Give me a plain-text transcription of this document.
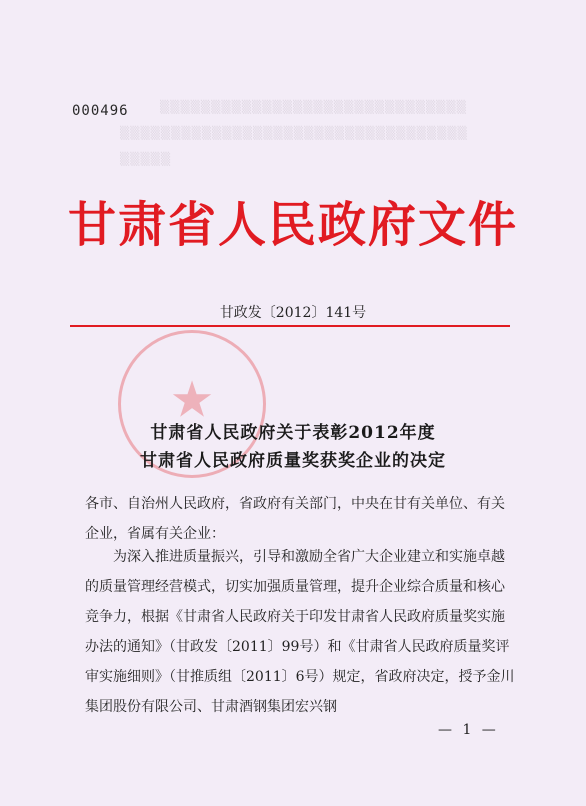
▒▒▒▒▒▒▒▒▒▒▒▒▒▒▒▒▒▒▒▒▒▒▒▒▒▒▒▒▒▒
▒▒▒▒▒▒▒▒▒▒▒▒▒▒▒▒▒▒▒▒▒▒▒▒▒▒▒▒▒▒▒▒▒▒
▒▒▒▒▒
000496
甘肃省人民政府文件
甘政发〔2012〕141号
★
甘肃省人民政府关于表彰2012年度
甘肃省人民政府质量奖获奖企业的决定
各市、自治州人民政府，省政府有关部门，中央在甘有关单位、有关企业，省属有关企业：
为深入推进质量振兴，引导和激励全省广大企业建立和实施卓越的质量管理经营模式，切实加强质量管理，提升企业综合质量和核心竞争力，根据《甘肃省人民政府关于印发甘肃省人民政府质量奖实施办法的通知》（甘政发〔2011〕99号）和《甘肃省人民政府质量奖评审实施细则》（甘推质组〔2011〕6号）规定，省政府决定，授予金川集团股份有限公司、甘肃酒钢集团宏兴钢
— 1 —
